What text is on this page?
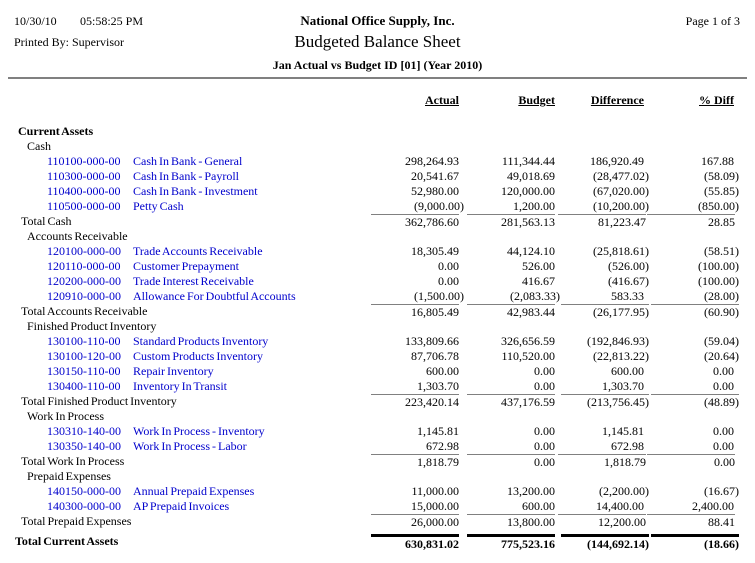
10/30/10 05:58:25 PM	National Office Supply, Inc.	Page 1 of 3
Printed By: Supervisor	Budgeted Balance Sheet
Jan Actual vs Budget ID [01] (Year 2010)
Actual	Budget	Difference	% Diff
Current Assets
Cash
110100-000-00 Cash In Bank - General	298,264.93	111,344.44	186,920.49	167.88
110300-000-00 Cash In Bank - Payroll	20,541.67	49,018.69	(28,477.02)	(58.09)
110400-000-00 Cash In Bank - Investment	52,980.00	120,000.00	(67,020.00)	(55.85)
110500-000-00 Petty Cash	(9,000.00)	1,200.00	(10,200.00)	(850.00)
Total Cash	362,786.60	281,563.13	81,223.47	28.85
Accounts Receivable
120100-000-00 Trade Accounts Receivable	18,305.49	44,124.10	(25,818.61)	(58.51)
120110-000-00 Customer Prepayment	0.00	526.00	(526.00)	(100.00)
120200-000-00 Trade Interest Receivable	0.00	416.67	(416.67)	(100.00)
120910-000-00 Allowance For Doubtful Accounts	(1,500.00)	(2,083.33)	583.33	(28.00)
Total Accounts Receivable	16,805.49	42,983.44	(26,177.95)	(60.90)
Finished Product Inventory
130100-110-00 Standard Products Inventory	133,809.66	326,656.59	(192,846.93)	(59.04)
130100-120-00 Custom Products Inventory	87,706.78	110,520.00	(22,813.22)	(20.64)
130150-110-00 Repair Inventory	600.00	0.00	600.00	0.00
130400-110-00 Inventory In Transit	1,303.70	0.00	1,303.70	0.00
Total Finished Product Inventory	223,420.14	437,176.59	(213,756.45)	(48.89)
Work In Process
130310-140-00 Work In Process - Inventory	1,145.81	0.00	1,145.81	0.00
130350-140-00 Work In Process - Labor	672.98	0.00	672.98	0.00
Total Work In Process	1,818.79	0.00	1,818.79	0.00
Prepaid Expenses
140150-000-00 Annual Prepaid Expenses	11,000.00	13,200.00	(2,200.00)	(16.67)
140300-000-00 AP Prepaid Invoices	15,000.00	600.00	14,400.00	2,400.00
Total Prepaid Expenses	26,000.00	13,800.00	12,200.00	88.41
Total Current Assets	630,831.02	775,523.16	(144,692.14)	(18.66)
